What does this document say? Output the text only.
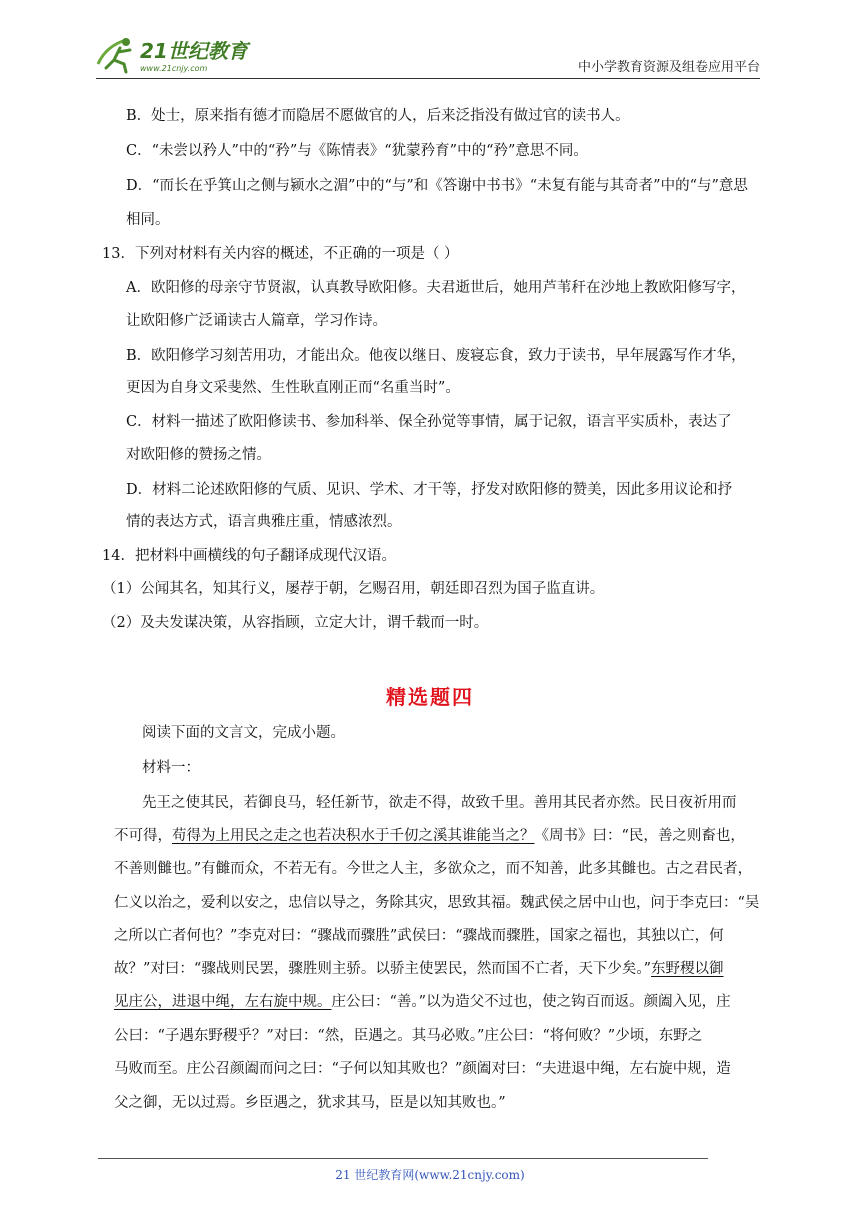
21世纪教育
www.21cnjy.com	中小学教育资源及组卷应用平台
B．处士，原来指有德才而隐居不愿做官的人，后来泛指没有做过官的读书人。
C．“未尝以矜人”中的“矜”与《陈情表》“犹蒙矜育”中的“矜”意思不同。
D．“而长在乎箕山之侧与颍水之湄”中的“与”和《答谢中书书》“未复有能与其奇者”中的“与”意思
相同。
13．下列对材料有关内容的概述，不正确的一项是（ ）
A．欧阳修的母亲守节贤淑，认真教导欧阳修。夫君逝世后，她用芦苇秆在沙地上教欧阳修写字，
让欧阳修广泛诵读古人篇章，学习作诗。
B．欧阳修学习刻苦用功，才能出众。他夜以继日、废寝忘食，致力于读书，早年展露写作才华，
更因为自身文采斐然、生性耿直刚正而“名重当时”。
C．材料一描述了欧阳修读书、参加科举、保全孙觉等事情，属于记叙，语言平实质朴，表达了
对欧阳修的赞扬之情。
D．材料二论述欧阳修的气质、见识、学术、才干等，抒发对欧阳修的赞美，因此多用议论和抒
情的表达方式，语言典雅庄重，情感浓烈。
14．把材料中画横线的句子翻译成现代汉语。
（1）公闻其名，知其行义，屡荐于朝，乞赐召用，朝廷即召烈为国子监直讲。
（2）及夫发谋决策，从容指顾，立定大计，谓千载而一时。
精选题四
阅读下面的文言文，完成小题。
材料一：
先王之使其民，若御良马，轻任新节，欲走不得，故致千里。善用其民者亦然。民日夜祈用而
不可得，苟得为上用民之走之也若决积水于千仞之溪其谁能当之？《周书》曰：“民，善之则畜也，
不善则雠也。”有雠而众，不若无有。今世之人主，多欲众之，而不知善，此多其雠也。古之君民者，
仁义以治之，爱利以安之，忠信以导之，务除其灾，思致其福。魏武侯之居中山也，问于李克曰：“吴
之所以亡者何也？”李克对曰：“骤战而骤胜”武侯曰：“骤战而骤胜，国家之福也，其独以亡，何
故？”对曰：“骤战则民罢，骤胜则主骄。以骄主使罢民，然而国不亡者，天下少矣。”东野稷以御
见庄公，进退中绳，左右旋中规。庄公曰：“善。”以为造父不过也，使之钩百而返。颜阖入见，庄
公曰：“子遇东野稷乎？”对曰：“然，臣遇之。其马必败。”庄公曰：“将何败？”少顷，东野之
马败而至。庄公召颜阖而问之曰：“子何以知其败也？”颜阖对曰：“夫进退中绳，左右旋中规，造
父之御，无以过焉。乡臣遇之，犹求其马，臣是以知其败也。”
21 世纪教育网(www.21cnjy.com)
